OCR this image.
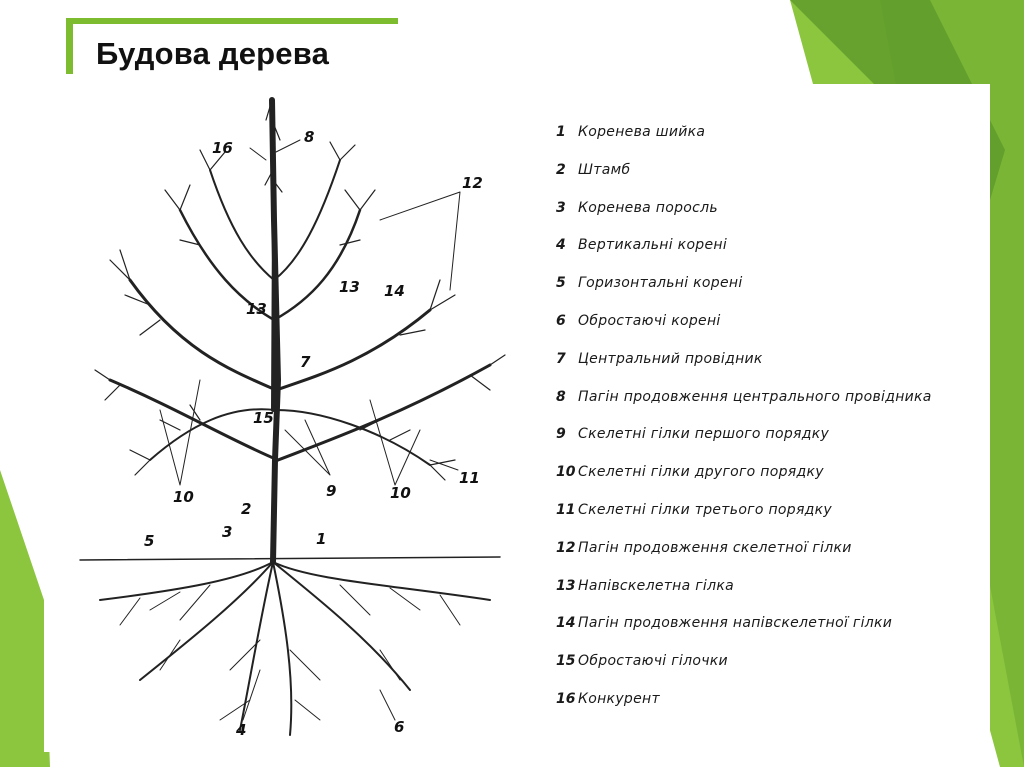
Будова дерева
16
8
12
13
13 14
7
15
10	9	10
11
2
3	1
5
4	6
1 Коренева шийка
2 Штамб
3 Коренева поросль
4 Вертикальні корені
5 Горизонтальні корені
6 Обростаючі корені
7 Центральний провідник
8 Пагін продовження центрального провідника
9 Скелетні гілки першого порядку
10 Скелетні гілки другого порядку
11 Скелетні гілки третього порядку
12 Пагін продовження скелетної гілки
13 Напівскелетна гілка
14 Пагін продовження напівскелетної гілки
15 Обростаючі гілочки
16 Конкурент
